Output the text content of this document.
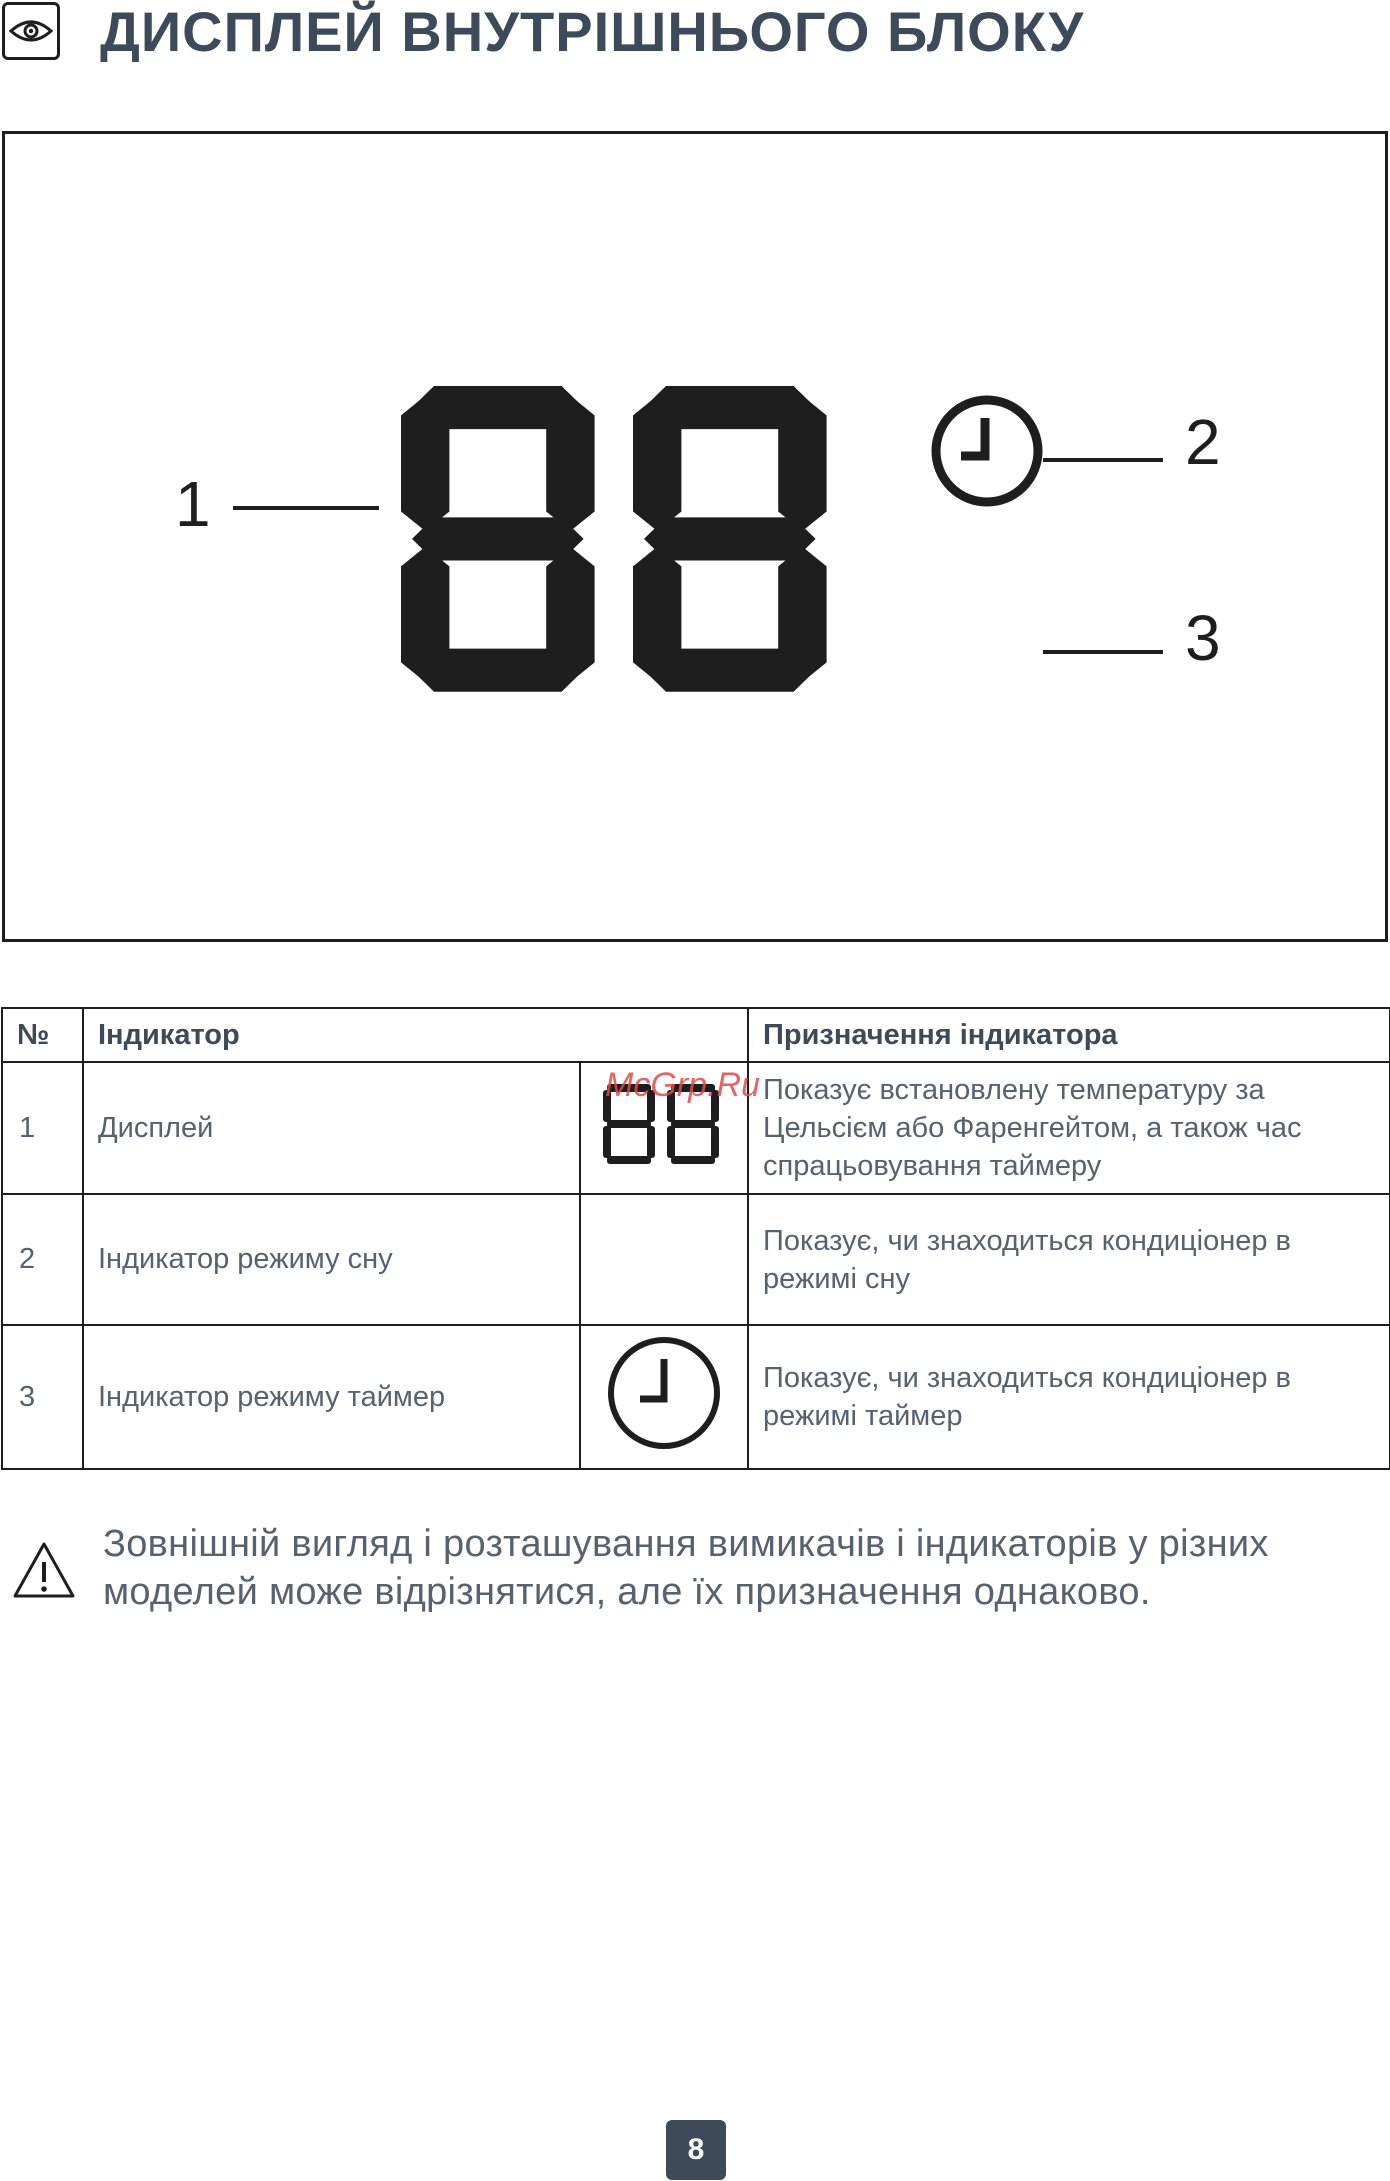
ДИСПЛЕЙ ВНУТРІШНЬОГО БЛОКУ
1
2
3
№	Індикатор		Призначення індикатора
1	Дисплей		Показує встановлену температуру за Цельсієм або Фаренгейтом, а також час спрацьовування таймеру
2	Індикатор режиму сну		Показує, чи знаходиться кондиціонер в режимі сну
3	Індикатор режиму таймер		Показує, чи знаходиться кондиціонер в режимі таймер
McGrp.Ru
Зовнішній вигляд і розташування вимикачів і індикаторів у різних моделей може відрізнятися, але їх призначення однаково.
8
